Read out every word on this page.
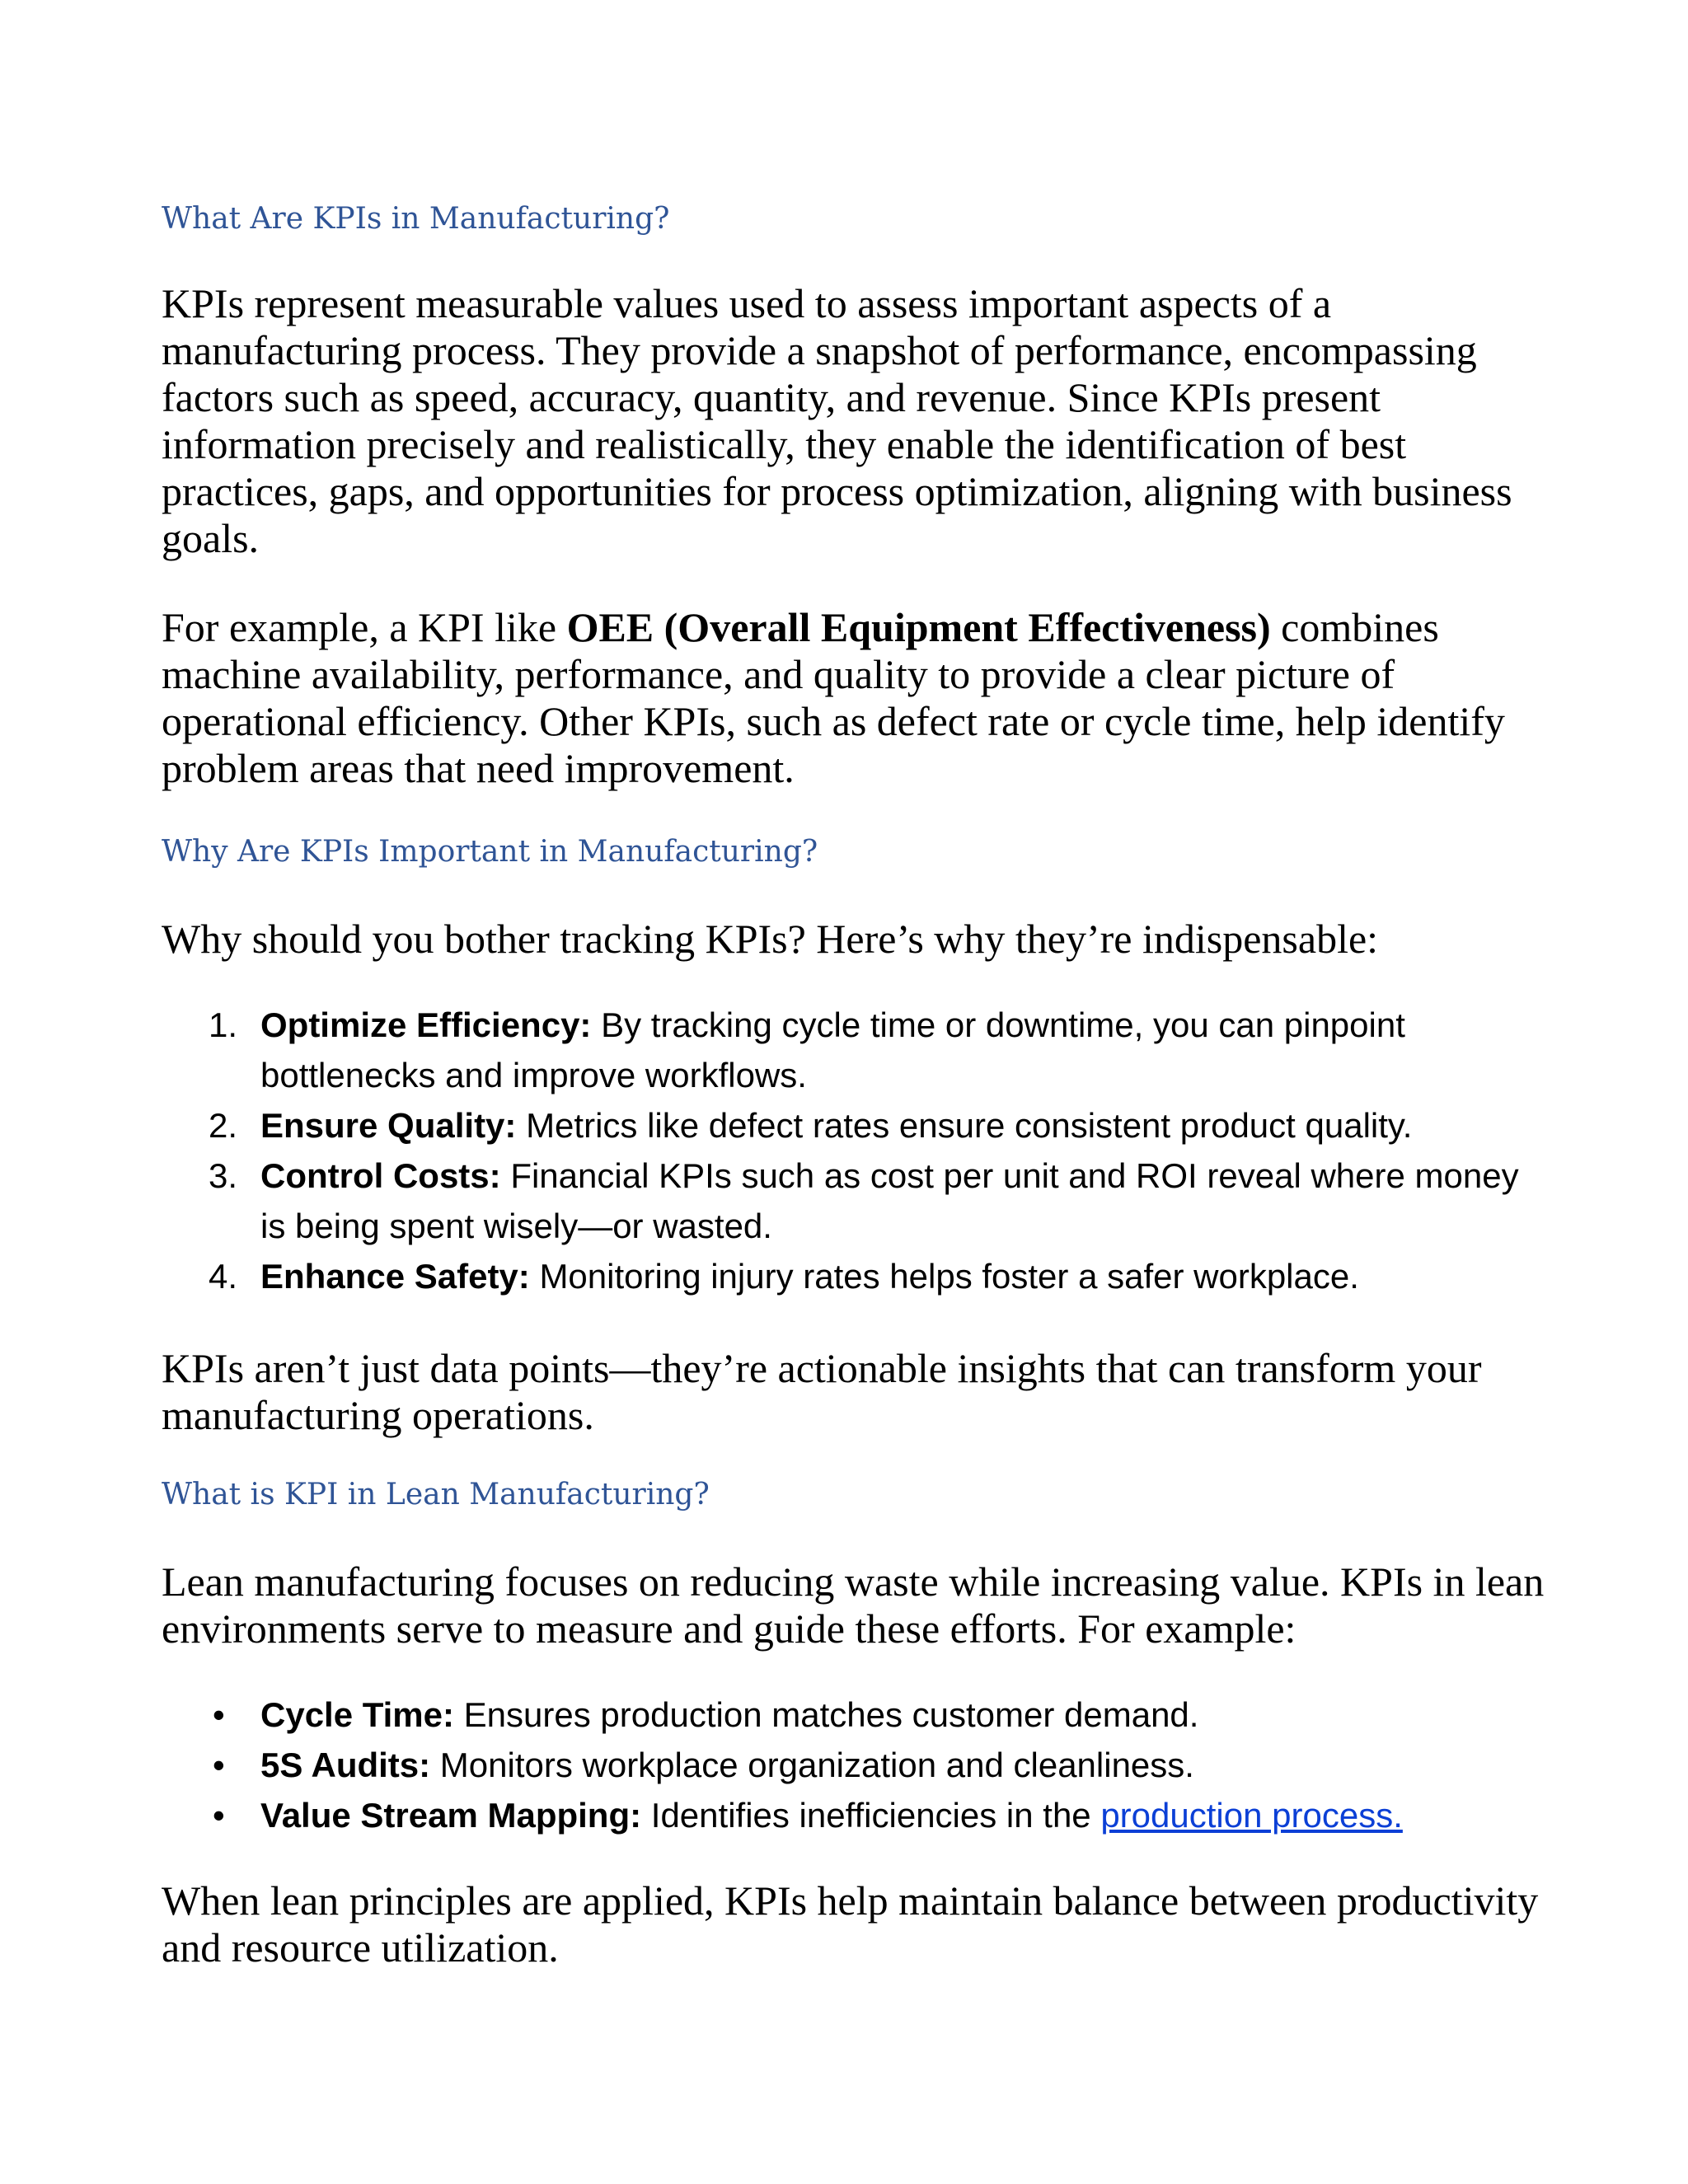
What Are KPIs in Manufacturing?

KPIs represent measurable values used to assess important aspects of a manufacturing process. They provide a snapshot of performance, encompassing factors such as speed, accuracy, quantity, and revenue. Since KPIs present information precisely and realistically, they enable the identification of best practices, gaps, and opportunities for process optimization, aligning with business goals.

For example, a KPI like OEE (Overall Equipment Effectiveness) combines machine availability, performance, and quality to provide a clear picture of operational efficiency. Other KPIs, such as defect rate or cycle time, help identify problem areas that need improvement.

Why Are KPIs Important in Manufacturing?

Why should you bother tracking KPIs? Here’s why they’re indispensable:

1. Optimize Efficiency: By tracking cycle time or downtime, you can pinpoint bottlenecks and improve workflows.
2. Ensure Quality: Metrics like defect rates ensure consistent product quality.
3. Control Costs: Financial KPIs such as cost per unit and ROI reveal where money is being spent wisely—or wasted.
4. Enhance Safety: Monitoring injury rates helps foster a safer workplace.

KPIs aren’t just data points—they’re actionable insights that can transform your manufacturing operations.

What is KPI in Lean Manufacturing?

Lean manufacturing focuses on reducing waste while increasing value. KPIs in lean environments serve to measure and guide these efforts. For example:

• Cycle Time: Ensures production matches customer demand.
• 5S Audits: Monitors workplace organization and cleanliness.
• Value Stream Mapping: Identifies inefficiencies in the production process.

When lean principles are applied, KPIs help maintain balance between productivity and resource utilization.
